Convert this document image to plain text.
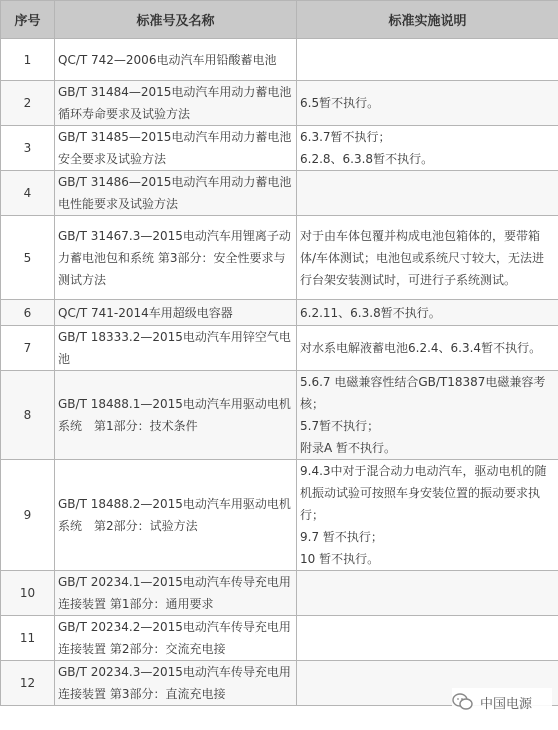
序号	标准号及名称	标准实施说明
1	QC/T 742—2006电动汽车用铅酸蓄电池	
2	GB/T 31484—2015电动汽车用动力蓄电池循环寿命要求及试验方法	6.5暂不执行。
3	GB/T 31485—2015电动汽车用动力蓄电池安全要求及试验方法	6.3.7暂不执行；
6.2.8、6.3.8暂不执行。
4	GB/T 31486—2015电动汽车用动力蓄电池电性能要求及试验方法	
5	GB/T 31467.3—2015电动汽车用锂离子动力蓄电池包和系统 第3部分：安全性要求与测试方法	对于由车体包覆并构成电池包箱体的，要带箱体/车体测试；电池包或系统尺寸较大，无法进行台架安装测试时，可进行子系统测试。
6	QC/T 741-2014车用超级电容器	6.2.11、6.3.8暂不执行。
7	GB/T 18333.2—2015电动汽车用锌空气电池	对水系电解液蓄电池6.2.4、6.3.4暂不执行。
8	GB/T 18488.1—2015电动汽车用驱动电机系统　第1部分：技术条件	5.6.7 电磁兼容性结合GB/T18387电磁兼容考核；
5.7暂不执行；
附录A 暂不执行。
9	GB/T 18488.2—2015电动汽车用驱动电机系统　第2部分：试验方法	9.4.3中对于混合动力电动汽车，驱动电机的随机振动试验可按照车身安装位置的振动要求执行；
9.7 暂不执行；
10 暂不执行。
10	GB/T 20234.1—2015电动汽车传导充电用连接装置 第1部分：通用要求	
11	GB/T 20234.2—2015电动汽车传导充电用连接装置 第2部分：交流充电接	
12	GB/T 20234.3—2015电动汽车传导充电用连接装置 第3部分：直流充电接	
中国电源
